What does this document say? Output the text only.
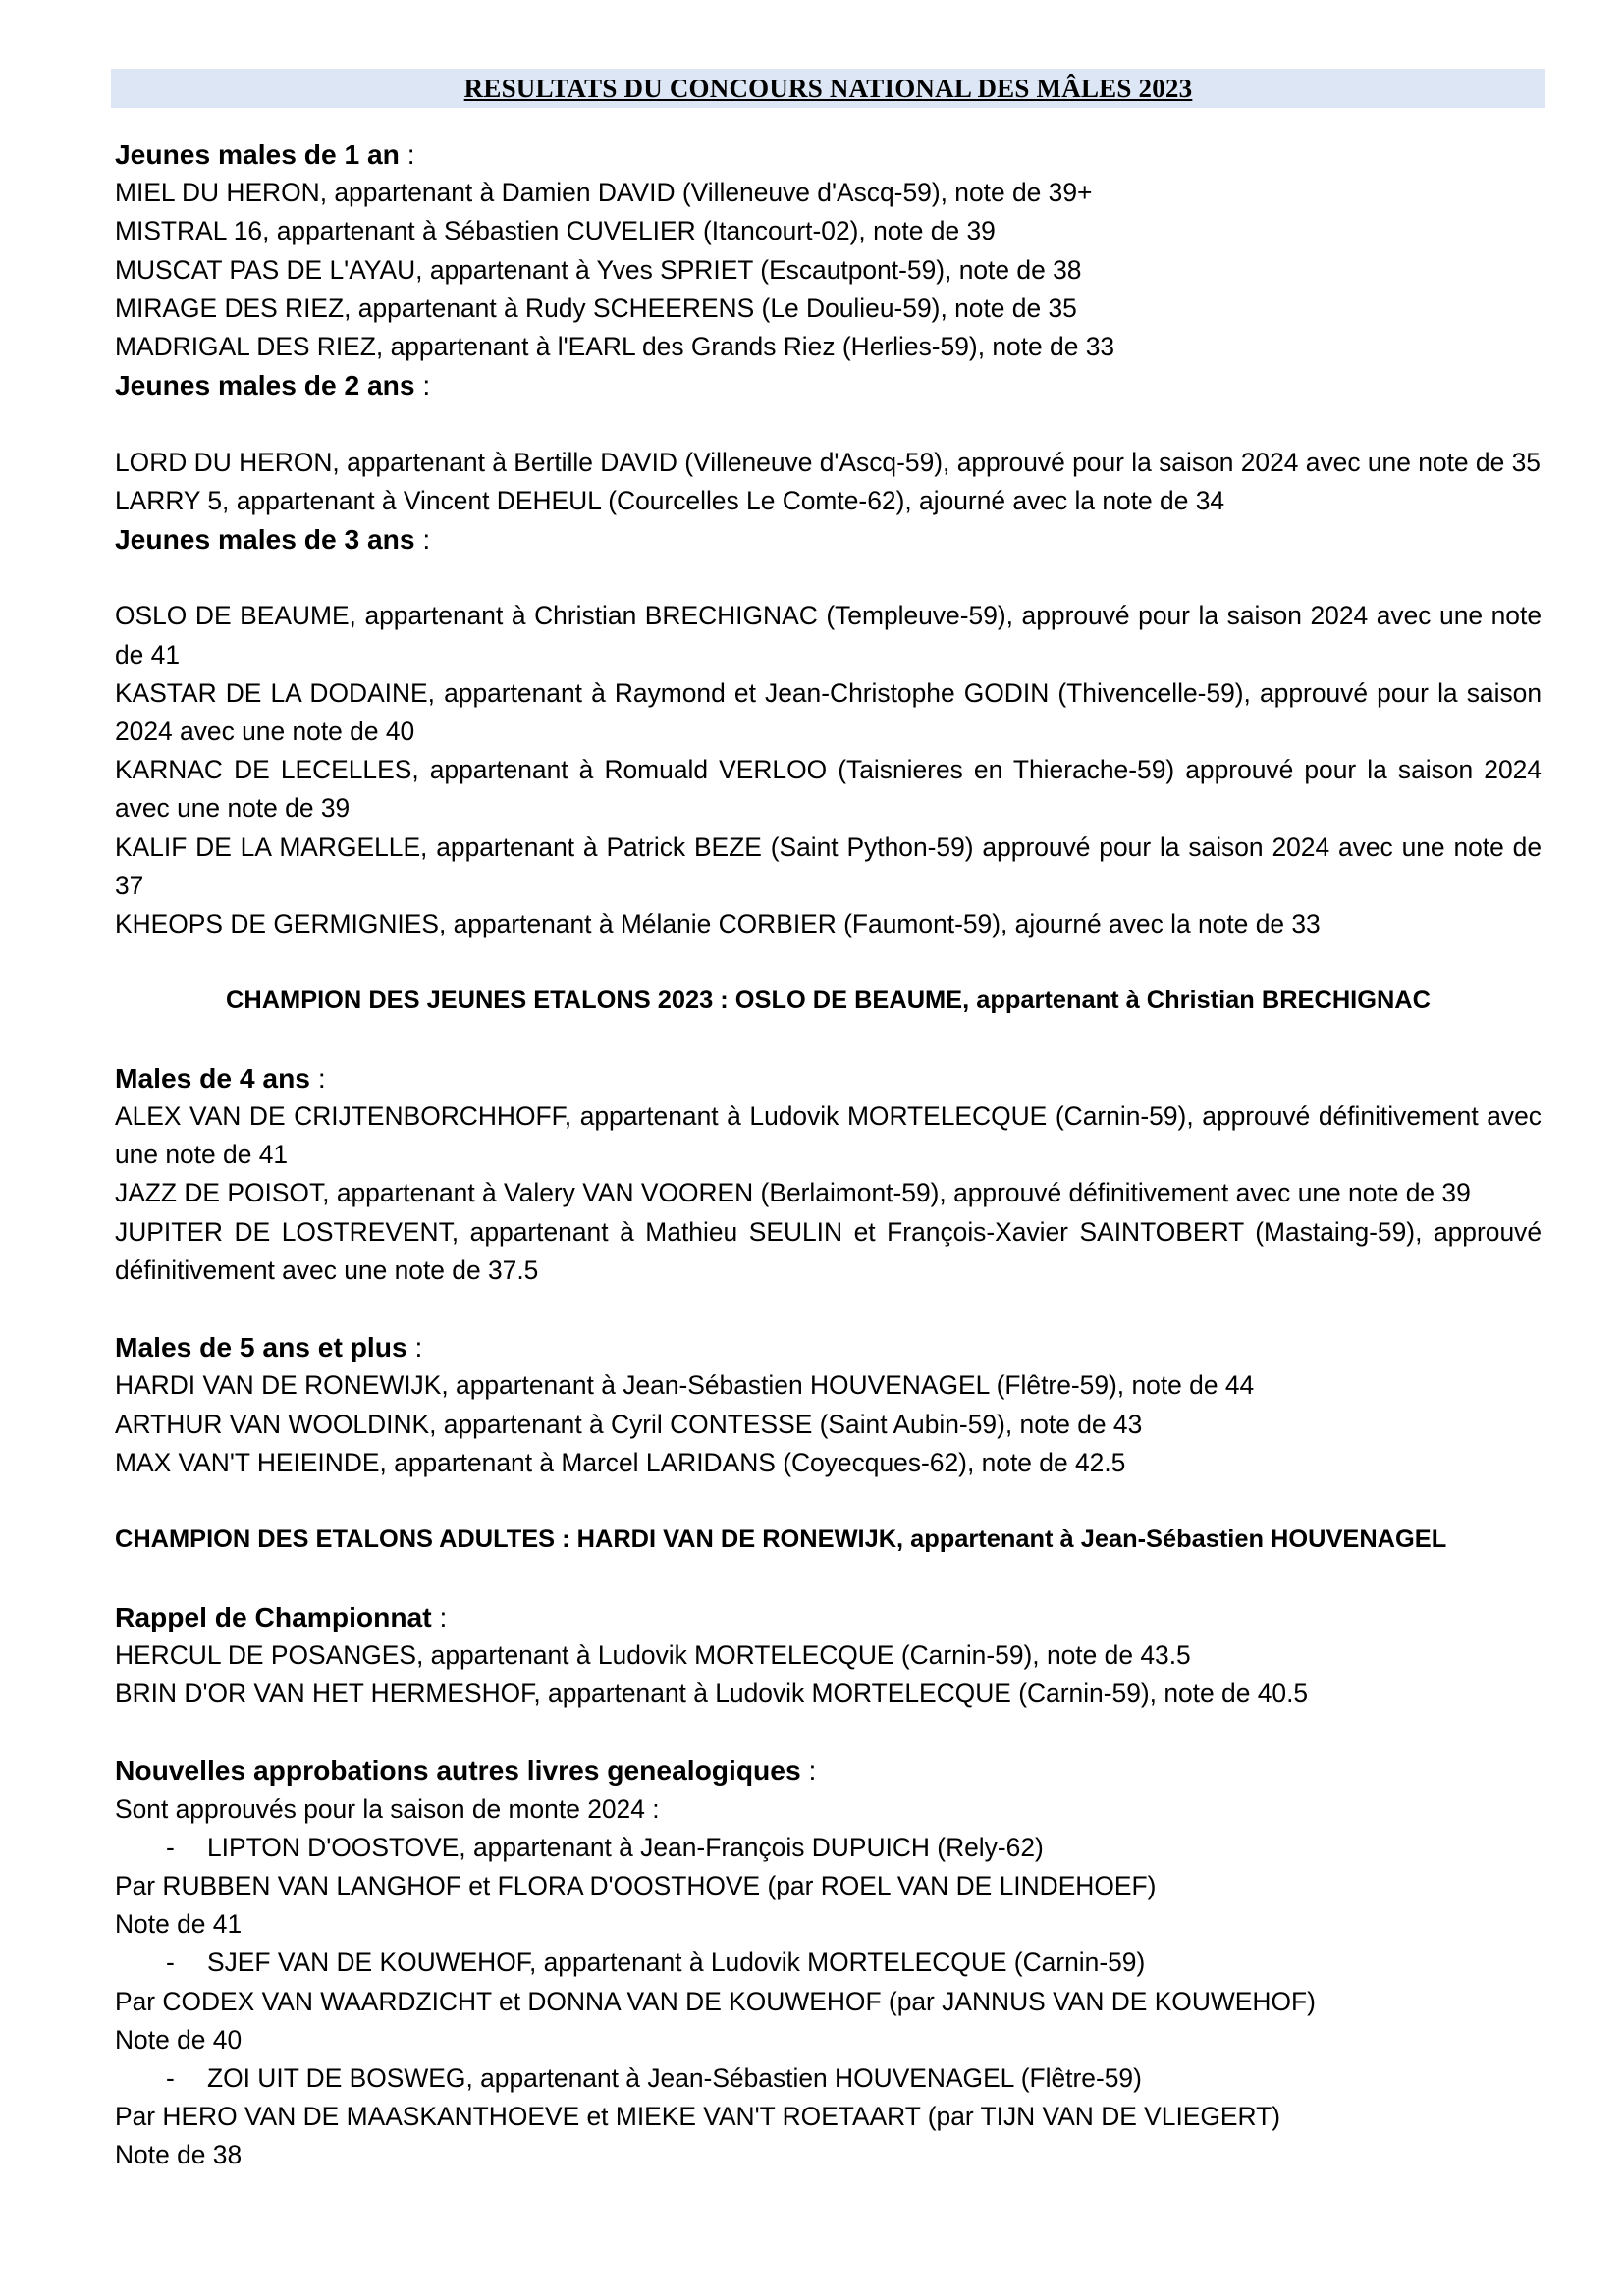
RESULTATS DU CONCOURS NATIONAL DES MÂLES 2023
Jeunes males de 1 an :
MIEL DU HERON, appartenant à Damien DAVID (Villeneuve d'Ascq-59), note de 39+
MISTRAL 16, appartenant à Sébastien CUVELIER (Itancourt-02), note de 39
MUSCAT PAS DE L'AYAU, appartenant à Yves SPRIET (Escautpont-59), note de 38
MIRAGE DES RIEZ, appartenant à Rudy SCHEERENS (Le Doulieu-59), note de 35
MADRIGAL DES RIEZ, appartenant à l'EARL des Grands Riez (Herlies-59), note de 33
Jeunes males de 2 ans :
LORD DU HERON, appartenant à Bertille DAVID (Villeneuve d'Ascq-59), approuvé pour la saison 2024 avec une note de 35
LARRY 5, appartenant à Vincent DEHEUL (Courcelles Le Comte-62), ajourné avec la note de 34
Jeunes males de 3 ans :
OSLO DE BEAUME, appartenant à Christian BRECHIGNAC (Templeuve-59), approuvé pour la saison 2024 avec une note de 41
KASTAR DE LA DODAINE, appartenant à Raymond et Jean-Christophe GODIN (Thivencelle-59), approuvé pour la saison 2024 avec une note de 40
KARNAC DE LECELLES, appartenant à Romuald VERLOO (Taisnieres en Thierache-59) approuvé pour la saison 2024 avec une note de 39
KALIF DE LA MARGELLE, appartenant à Patrick BEZE (Saint Python-59) approuvé pour la saison 2024 avec une note de 37
KHEOPS DE GERMIGNIES, appartenant à Mélanie CORBIER (Faumont-59), ajourné avec la note de 33
CHAMPION DES JEUNES ETALONS 2023 : OSLO DE BEAUME, appartenant à Christian BRECHIGNAC
Males de 4 ans :
ALEX VAN DE CRIJTENBORCHHOFF, appartenant à Ludovik MORTELECQUE (Carnin-59), approuvé définitivement avec une note de 41
JAZZ DE POISOT, appartenant à Valery VAN VOOREN (Berlaimont-59), approuvé définitivement avec une note de 39
JUPITER DE LOSTREVENT, appartenant à Mathieu SEULIN et François-Xavier SAINTOBERT (Mastaing-59), approuvé définitivement avec une note de 37.5
Males de 5 ans et plus :
HARDI VAN DE RONEWIJK, appartenant à Jean-Sébastien HOUVENAGEL (Flêtre-59), note de 44
ARTHUR VAN WOOLDINK, appartenant à Cyril CONTESSE (Saint Aubin-59), note de 43
MAX VAN'T HEIEINDE, appartenant à Marcel LARIDANS (Coyecques-62), note de 42.5
CHAMPION DES ETALONS ADULTES : HARDI VAN DE RONEWIJK, appartenant à Jean-Sébastien HOUVENAGEL
Rappel de Championnat :
HERCUL DE POSANGES, appartenant à Ludovik MORTELECQUE (Carnin-59), note de 43.5
BRIN D'OR VAN HET HERMESHOF, appartenant à Ludovik MORTELECQUE (Carnin-59), note de 40.5
Nouvelles approbations autres livres genealogiques :
Sont approuvés pour la saison de monte 2024 :
- LIPTON D'OOSTOVE, appartenant à Jean-François DUPUICH (Rely-62)
Par RUBBEN VAN LANGHOF et FLORA D'OOSTHOVE (par ROEL VAN DE LINDEHOEF)
Note de 41
- SJEF VAN DE KOUWEHOF, appartenant à Ludovik MORTELECQUE (Carnin-59)
Par CODEX VAN WAARDZICHT et DONNA VAN DE KOUWEHOF (par JANNUS VAN DE KOUWEHOF)
Note de 40
- ZOI UIT DE BOSWEG, appartenant à Jean-Sébastien HOUVENAGEL (Flêtre-59)
Par HERO VAN DE MAASKANTHOEVE et MIEKE VAN'T ROETAART (par TIJN VAN DE VLIEGERT)
Note de 38
